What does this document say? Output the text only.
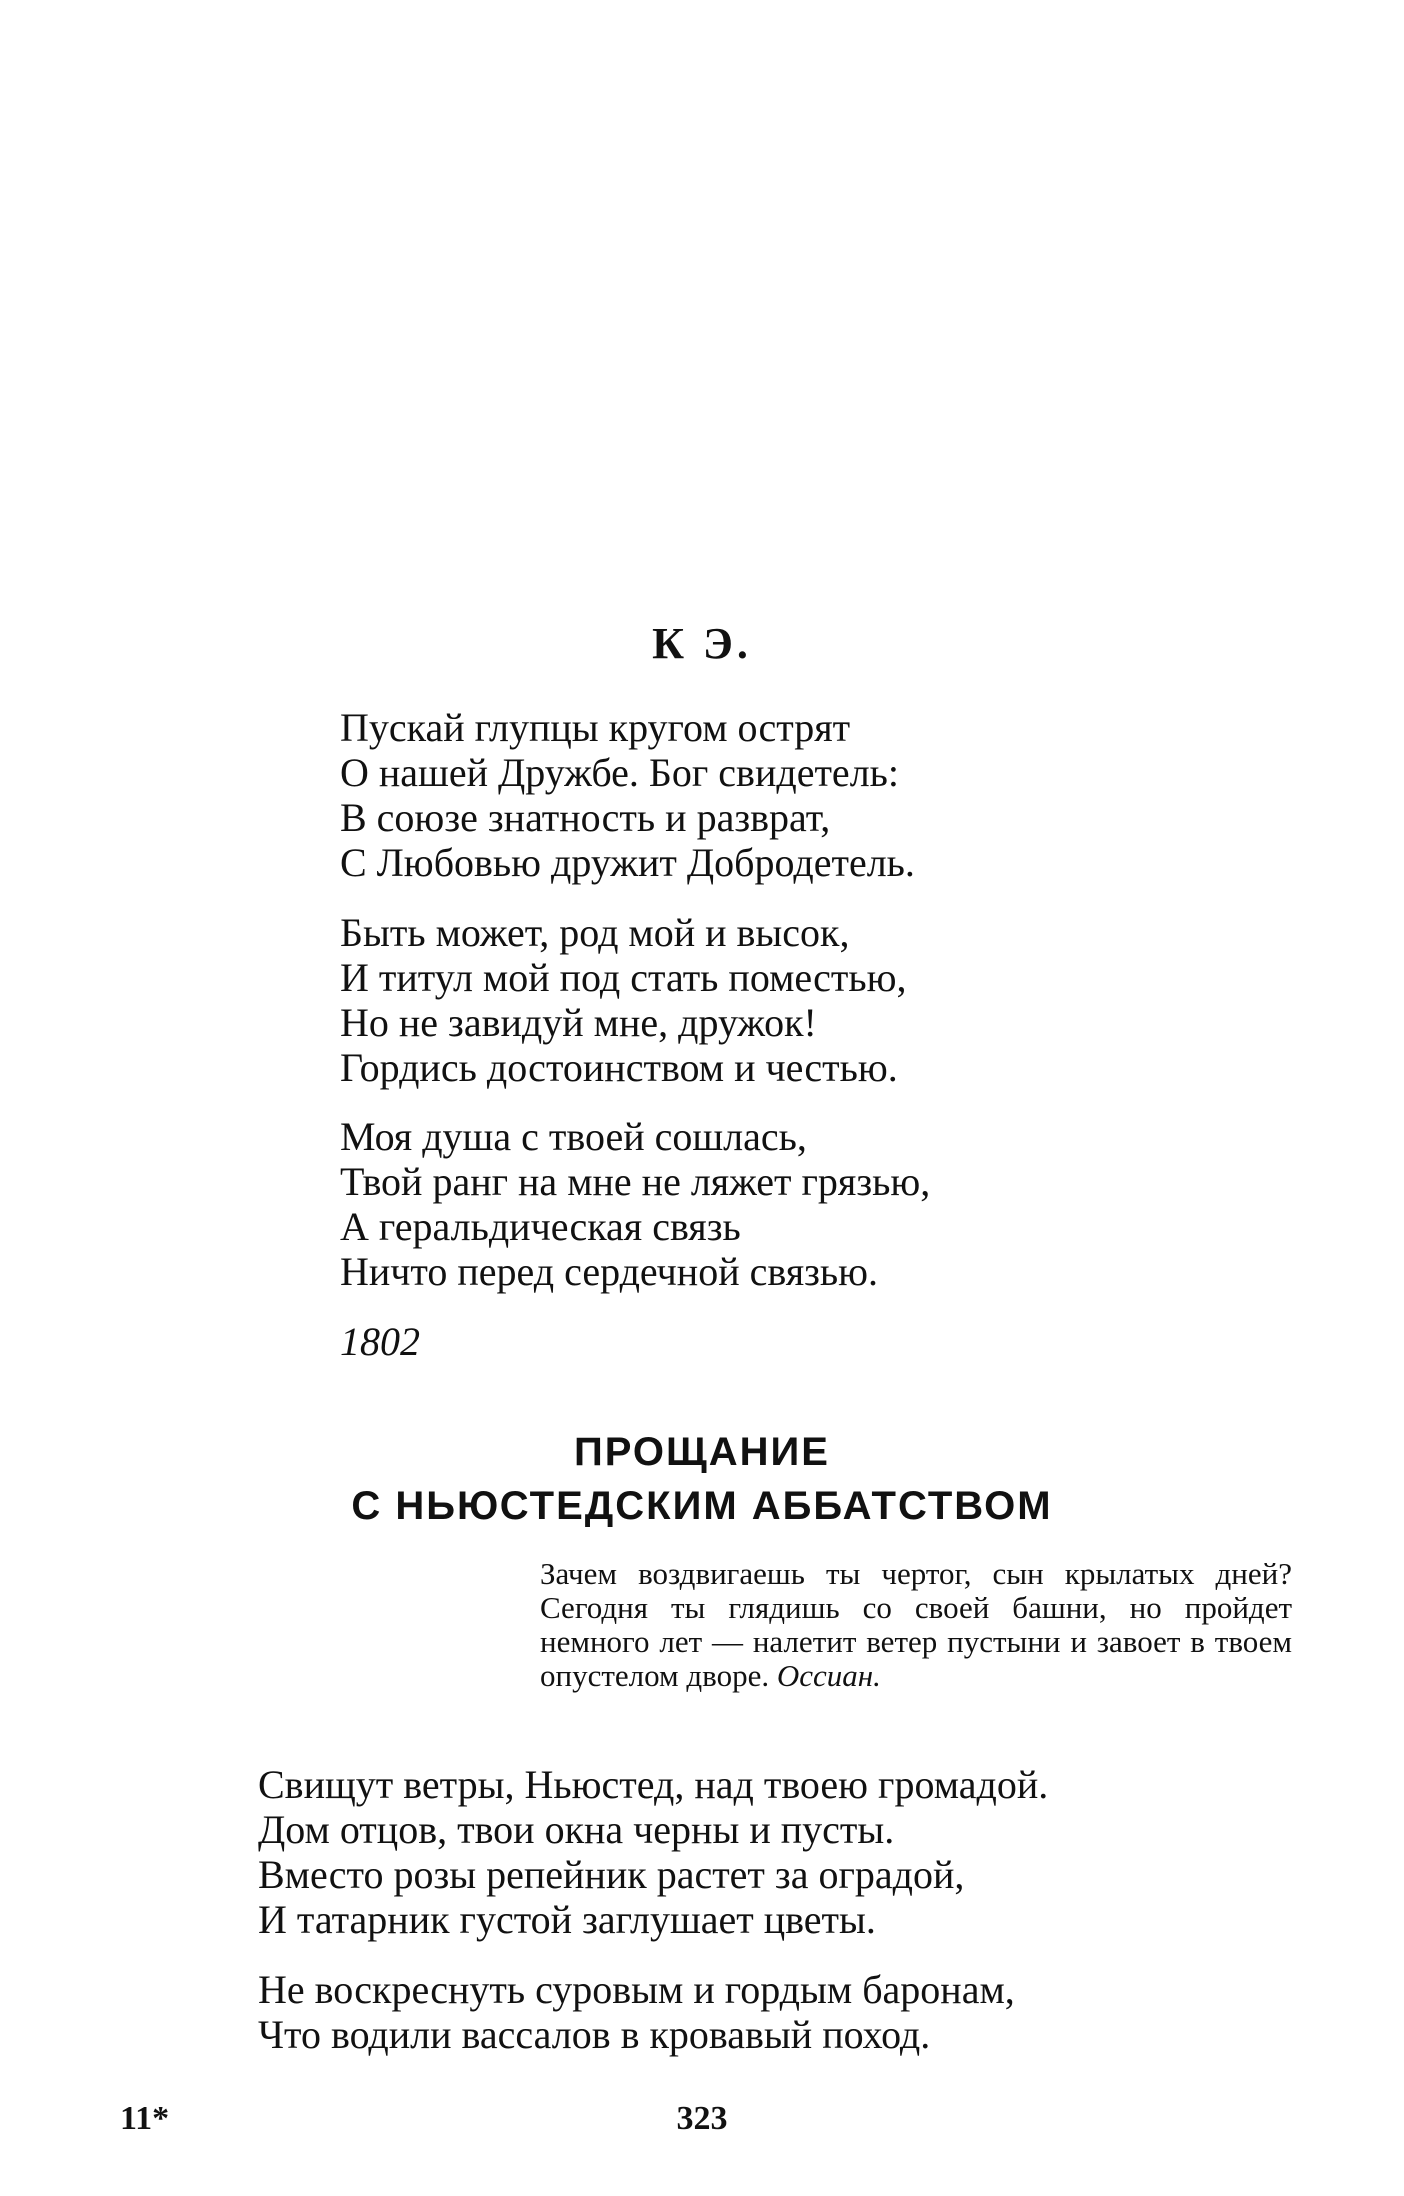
К Э.
Пускай глупцы кругом острят
О нашей Дружбе. Бог свидетель:
В союзе знатность и разврат,
С Любовью дружит Добродетель.
Быть может, род мой и высок,
И титул мой под стать поместью,
Но не завидуй мне, дружок!
Гордись достоинством и честью.
Моя душа с твоей сошлась,
Твой ранг на мне не ляжет грязью,
А геральдическая связь
Ничто перед сердечной связью.
1802
ПРОЩАНИЕ
С НЬЮСТЕДСКИМ АББАТСТВОМ
Зачем воздвигаешь ты чертог, сын крылатых дней? Сегодня ты глядишь со своей башни, но пройдет немного лет — налетит ветер пустыни и завоет в твоем опустелом дворе. Оссиан.
Свищут ветры, Ньюстед, над твоею громадой.
Дом отцов, твои окна черны и пусты.
Вместо розы репейник растет за оградой,
И татарник густой заглушает цветы.
Не воскреснуть суровым и гордым баронам,
Что водили вассалов в кровавый поход.
11*	323
